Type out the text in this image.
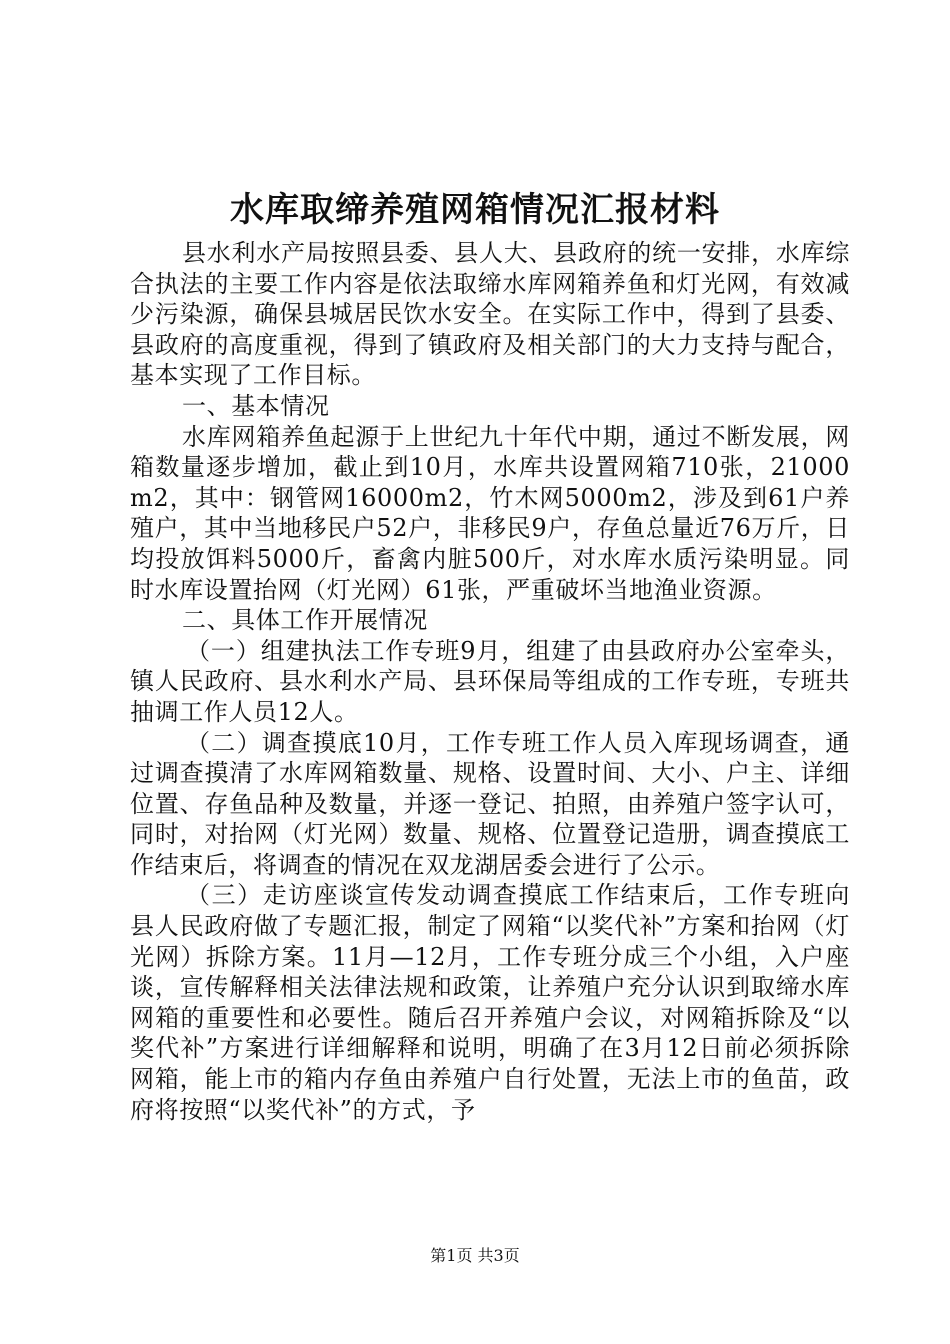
水库取缔养殖网箱情况汇报材料

县水利水产局按照县委、县人大、县政府的统一安排，水库综合执法的主要工作内容是依法取缔水库网箱养鱼和灯光网，有效减少污染源，确保县城居民饮水安全。在实际工作中，得到了县委、县政府的高度重视，得到了镇政府及相关部门的大力支持与配合，基本实现了工作目标。

一、基本情况

水库网箱养鱼起源于上世纪九十年代中期，通过不断发展，网箱数量逐步增加，截止到10月，水库共设置网箱710张，21000m2，其中：钢管网16000m2，竹木网5000m2，涉及到61户养殖户，其中当地移民户52户，非移民9户，存鱼总量近76万斤，日均投放饵料5000斤，畜禽内脏500斤，对水库水质污染明显。同时水库设置抬网（灯光网）61张，严重破坏当地渔业资源。

二、具体工作开展情况

（一）组建执法工作专班9月，组建了由县政府办公室牵头，镇人民政府、县水利水产局、县环保局等组成的工作专班，专班共抽调工作人员12人。

（二）调查摸底10月，工作专班工作人员入库现场调查，通过调查摸清了水库网箱数量、规格、设置时间、大小、户主、详细位置、存鱼品种及数量，并逐一登记、拍照，由养殖户签字认可，同时，对抬网（灯光网）数量、规格、位置登记造册，调查摸底工作结束后，将调查的情况在双龙湖居委会进行了公示。

（三）走访座谈宣传发动调查摸底工作结束后，工作专班向县人民政府做了专题汇报，制定了网箱“以奖代补”方案和抬网（灯光网）拆除方案。11月—12月，工作专班分成三个小组，入户座谈，宣传解释相关法律法规和政策，让养殖户充分认识到取缔水库网箱的重要性和必要性。随后召开养殖户会议，对网箱拆除及“以奖代补”方案进行详细解释和说明，明确了在3月12日前必须拆除网箱，能上市的箱内存鱼由养殖户自行处置，无法上市的鱼苗，政府将按照“以奖代补”的方式，予

第1页 共3页
